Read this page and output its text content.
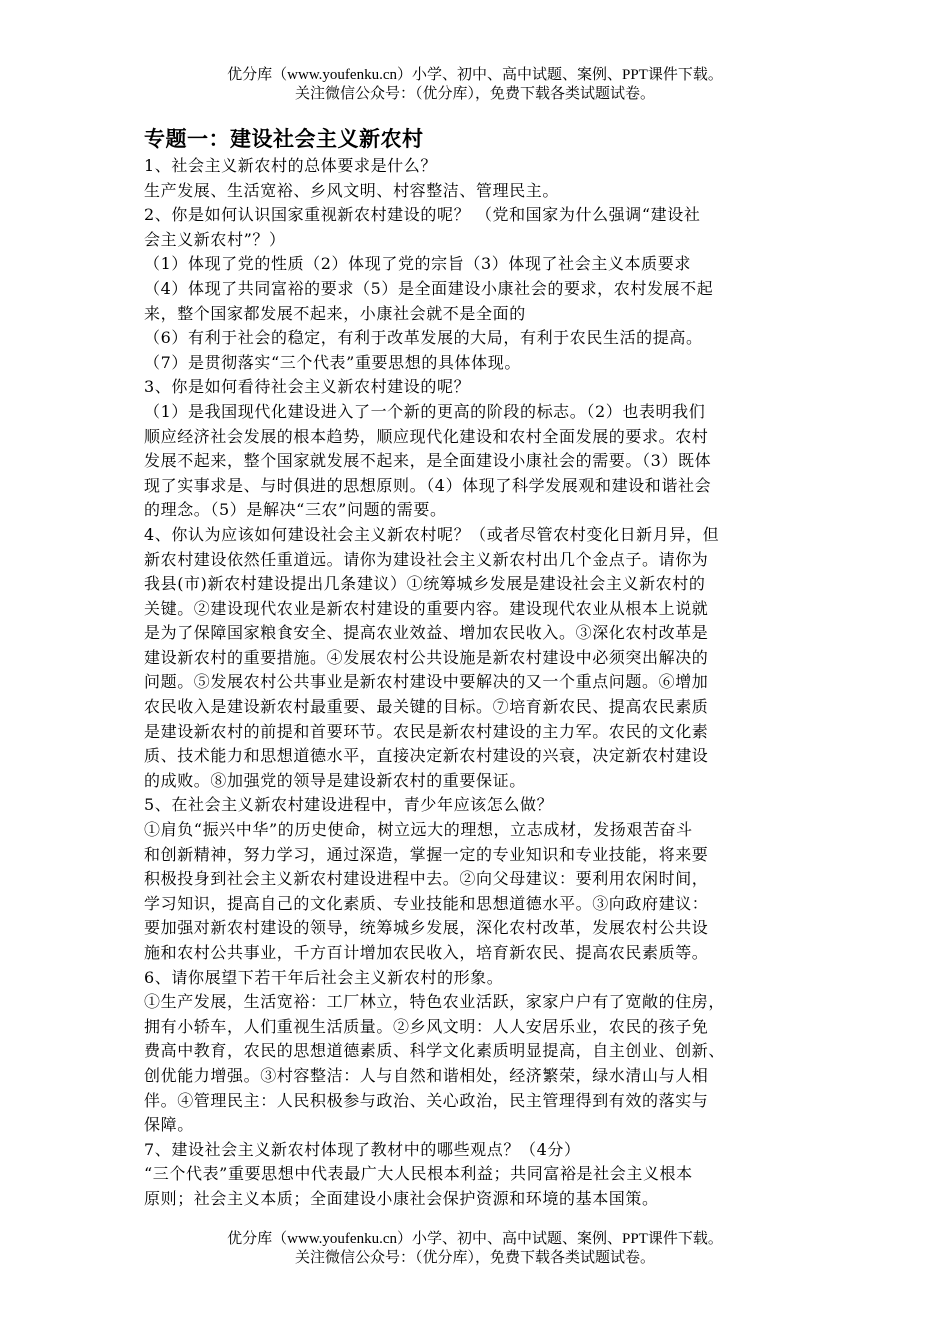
优分库（www.youfenku.cn）小学、初中、高中试题、案例、PPT课件下载。
关注微信公众号：（优分库），免费下载各类试题试卷。
专题一：建设社会主义新农村
1、社会主义新农村的总体要求是什么？
生产发展、生活宽裕、乡风文明、村容整洁、管理民主。
2、你是如何认识国家重视新农村建设的呢？ （党和国家为什么强调“建设社
会主义新农村”？）
（1）体现了党的性质（2）体现了党的宗旨（3）体现了社会主义本质要求
（4）体现了共同富裕的要求（5）是全面建设小康社会的要求，农村发展不起
来，整个国家都发展不起来，小康社会就不是全面的
（6）有利于社会的稳定，有利于改革发展的大局，有利于农民生活的提高。
（7）是贯彻落实“三个代表”重要思想的具体体现。
3、你是如何看待社会主义新农村建设的呢？
（1）是我国现代化建设进入了一个新的更高的阶段的标志。（2）也表明我们
顺应经济社会发展的根本趋势，顺应现代化建设和农村全面发展的要求。农村
发展不起来，整个国家就发展不起来，是全面建设小康社会的需要。（3）既体
现了实事求是、与时俱进的思想原则。（4）体现了科学发展观和建设和谐社会
的理念。（5）是解决“三农”问题的需要。
4、你认为应该如何建设社会主义新农村呢？（或者尽管农村变化日新月异，但
新农村建设依然任重道远。请你为建设社会主义新农村出几个金点子。请你为
我县(市)新农村建设提出几条建议）①统筹城乡发展是建设社会主义新农村的
关键。②建设现代农业是新农村建设的重要内容。建设现代农业从根本上说就
是为了保障国家粮食安全、提高农业效益、增加农民收入。③深化农村改革是
建设新农村的重要措施。④发展农村公共设施是新农村建设中必须突出解决的
问题。⑤发展农村公共事业是新农村建设中要解决的又一个重点问题。⑥增加
农民收入是建设新农村最重要、最关键的目标。⑦培育新农民、提高农民素质
是建设新农村的前提和首要环节。农民是新农村建设的主力军。农民的文化素
质、技术能力和思想道德水平，直接决定新农村建设的兴衰，决定新农村建设
的成败。⑧加强党的领导是建设新农村的重要保证。
5、在社会主义新农村建设进程中，青少年应该怎么做？
①肩负“振兴中华”的历史使命，树立远大的理想，立志成材，发扬艰苦奋斗
和创新精神，努力学习，通过深造，掌握一定的专业知识和专业技能，将来要
积极投身到社会主义新农村建设进程中去。②向父母建议：要利用农闲时间，
学习知识，提高自己的文化素质、专业技能和思想道德水平。③向政府建议：
要加强对新农村建设的领导，统筹城乡发展，深化农村改革，发展农村公共设
施和农村公共事业，千方百计增加农民收入，培育新农民、提高农民素质等。
6、请你展望下若干年后社会主义新农村的形象。
①生产发展，生活宽裕：工厂林立，特色农业活跃，家家户户有了宽敞的住房，
拥有小轿车，人们重视生活质量。②乡风文明：人人安居乐业，农民的孩子免
费高中教育，农民的思想道德素质、科学文化素质明显提高，自主创业、创新、
创优能力增强。③村容整洁：人与自然和谐相处，经济繁荣，绿水清山与人相
伴。④管理民主：人民积极参与政治、关心政治，民主管理得到有效的落实与
保障。
7、建设社会主义新农村体现了教材中的哪些观点？（4分）
“三个代表”重要思想中代表最广大人民根本利益；共同富裕是社会主义根本
原则；社会主义本质；全面建设小康社会保护资源和环境的基本国策。
优分库（www.youfenku.cn）小学、初中、高中试题、案例、PPT课件下载。
关注微信公众号：（优分库），免费下载各类试题试卷。
